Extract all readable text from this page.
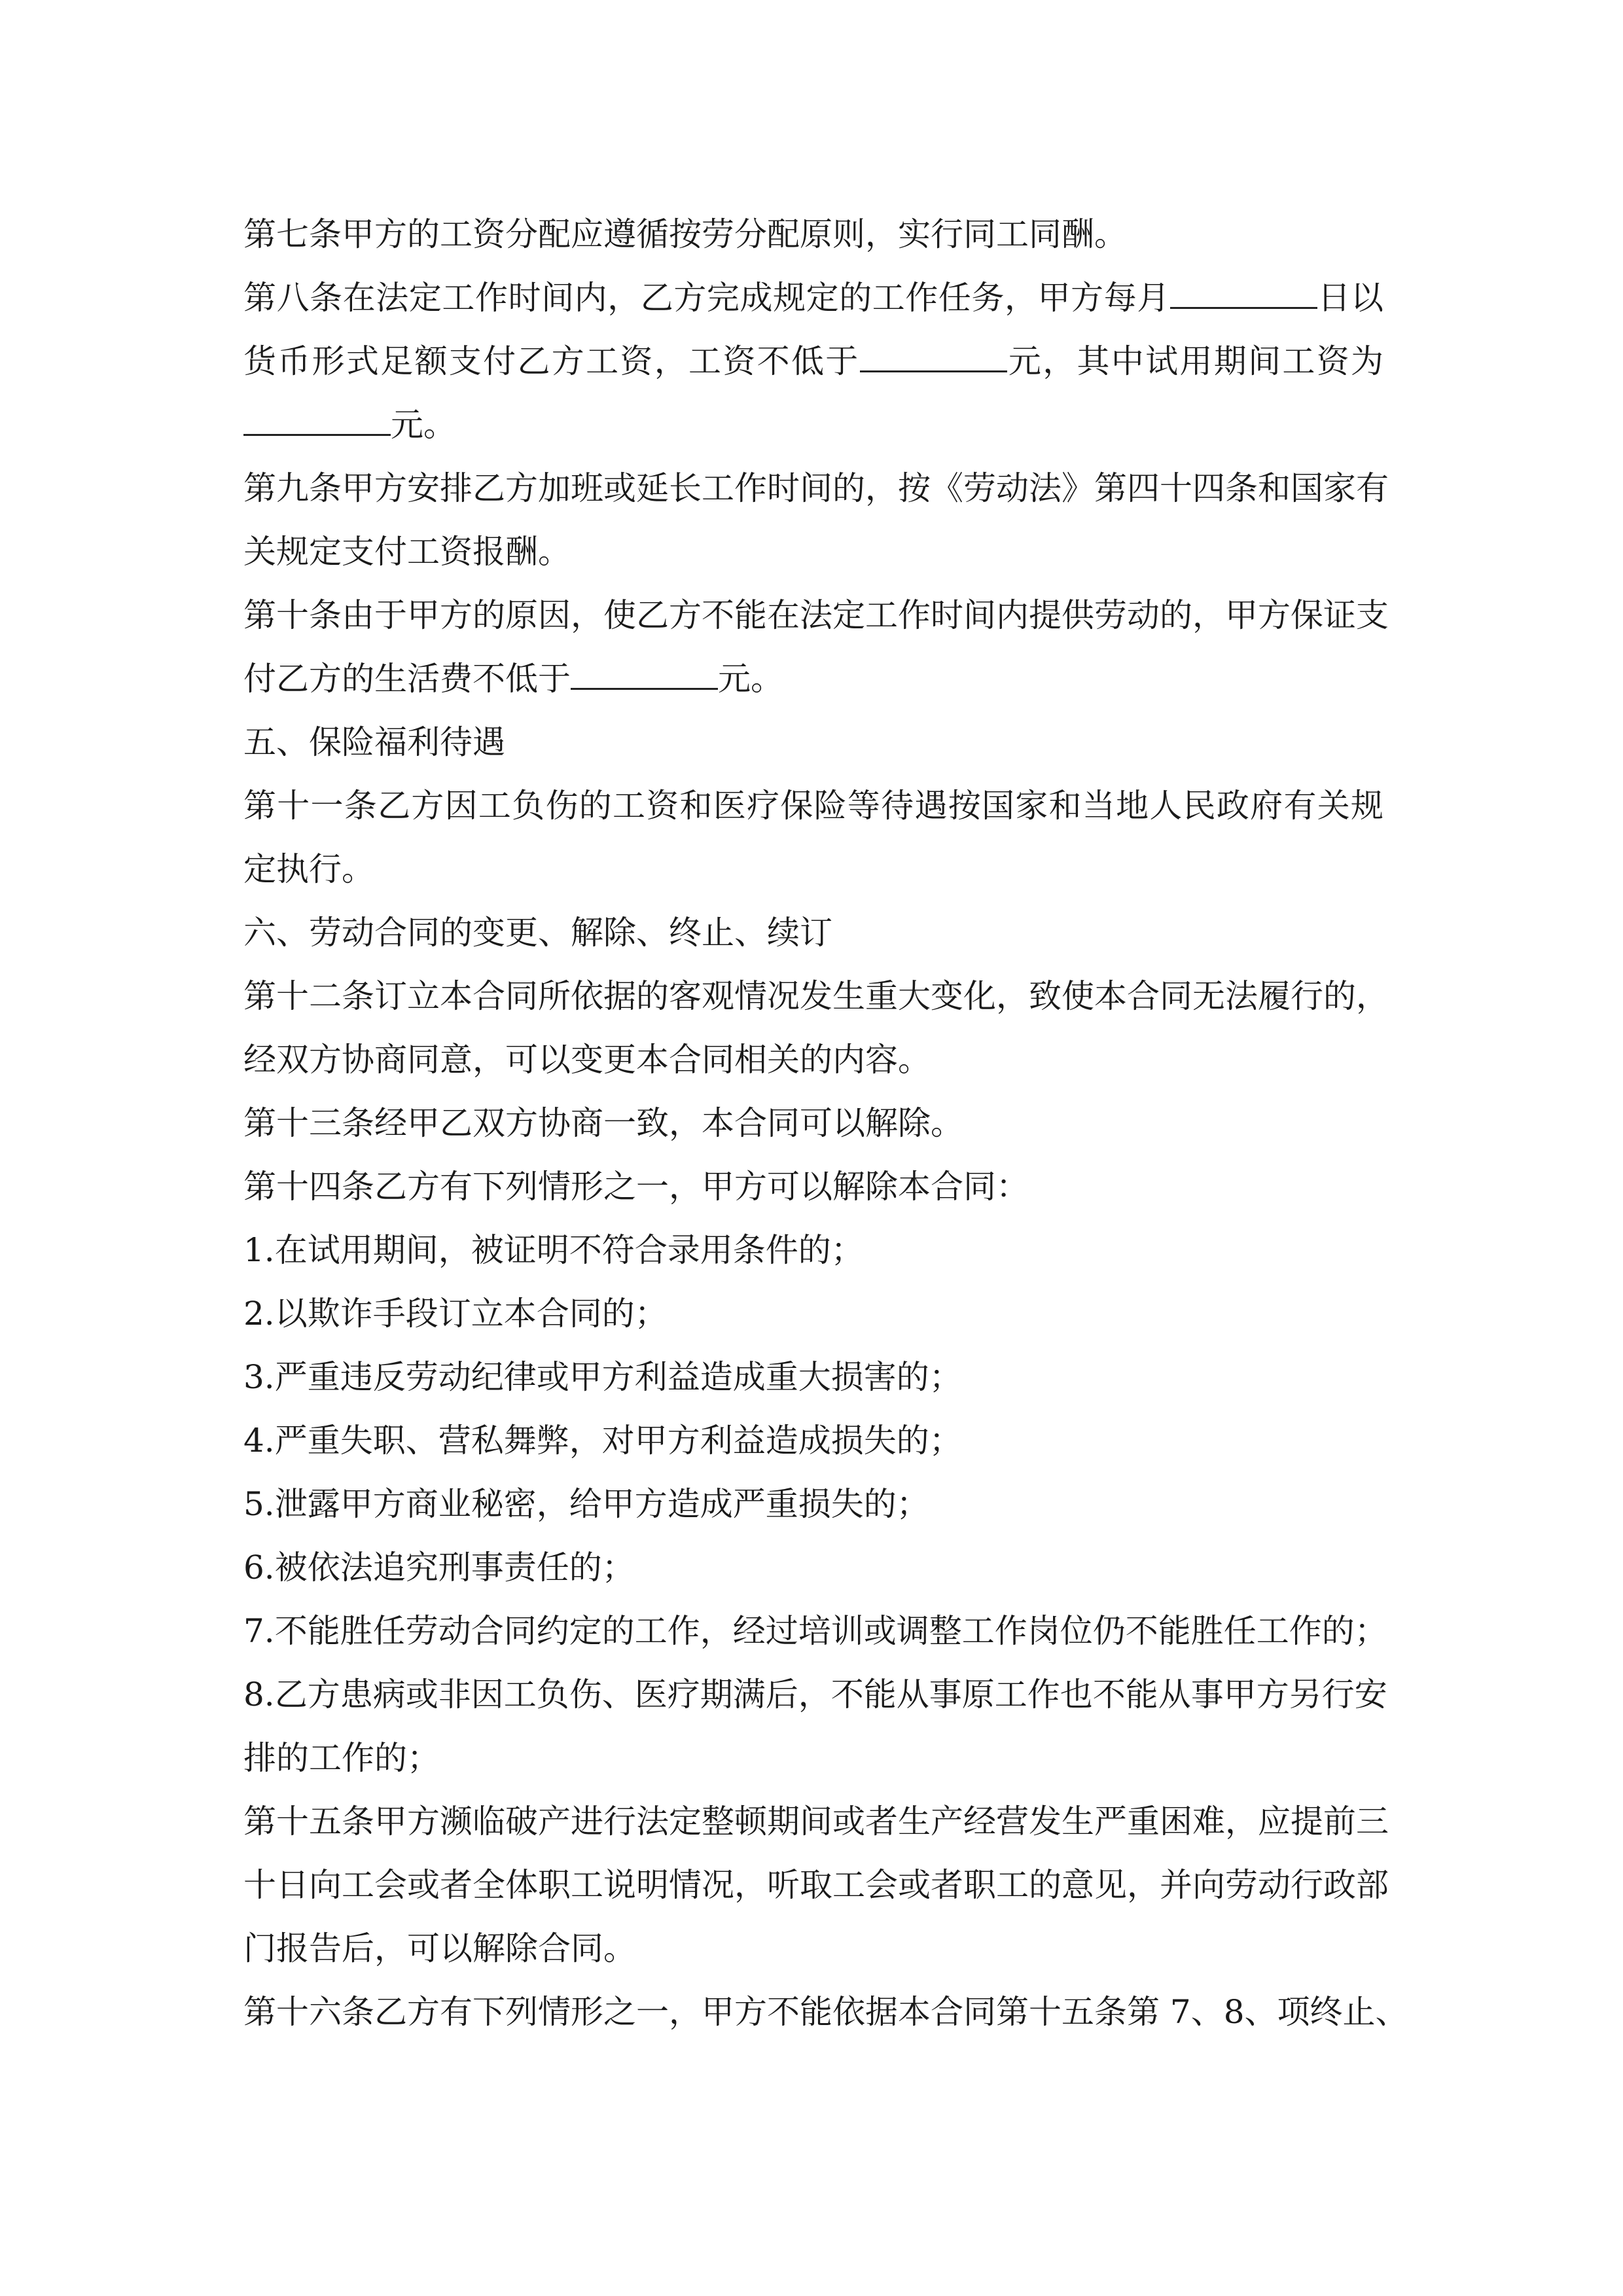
第七条甲方的工资分配应遵循按劳分配原则，实行同工同酬。
第八条在法定工作时间内，乙方完成规定的工作任务，甲方每月	日以
货币形式足额支付乙方工资，工资不低于	元，其中试用期间工资为
元。
第九条甲方安排乙方加班或延长工作时间的，按《劳动法》第四十四条和国家有
关规定支付工资报酬。
第十条由于甲方的原因，使乙方不能在法定工作时间内提供劳动的，甲方保证支
付乙方的生活费不低于	元。
五、保险福利待遇
第十一条乙方因工负伤的工资和医疗保险等待遇按国家和当地人民政府有关规
定执行。
六、劳动合同的变更、解除、终止、续订
第十二条订立本合同所依据的客观情况发生重大变化，致使本合同无法履行的，
经双方协商同意，可以变更本合同相关的内容。
第十三条经甲乙双方协商一致，本合同可以解除。
第十四条乙方有下列情形之一，甲方可以解除本合同：
1.在试用期间，被证明不符合录用条件的；
2.以欺诈手段订立本合同的；
3.严重违反劳动纪律或甲方利益造成重大损害的；
4.严重失职、营私舞弊，对甲方利益造成损失的；
5.泄露甲方商业秘密，给甲方造成严重损失的；
6.被依法追究刑事责任的；
7.不能胜任劳动合同约定的工作，经过培训或调整工作岗位仍不能胜任工作的；
8.乙方患病或非因工负伤、医疗期满后，不能从事原工作也不能从事甲方另行安
排的工作的；
第十五条甲方濒临破产进行法定整顿期间或者生产经营发生严重困难，应提前三
十日向工会或者全体职工说明情况，听取工会或者职工的意见，并向劳动行政部
门报告后，可以解除合同。
第十六条乙方有下列情形之一，甲方不能依据本合同第十五条第 7、8、项终止、
